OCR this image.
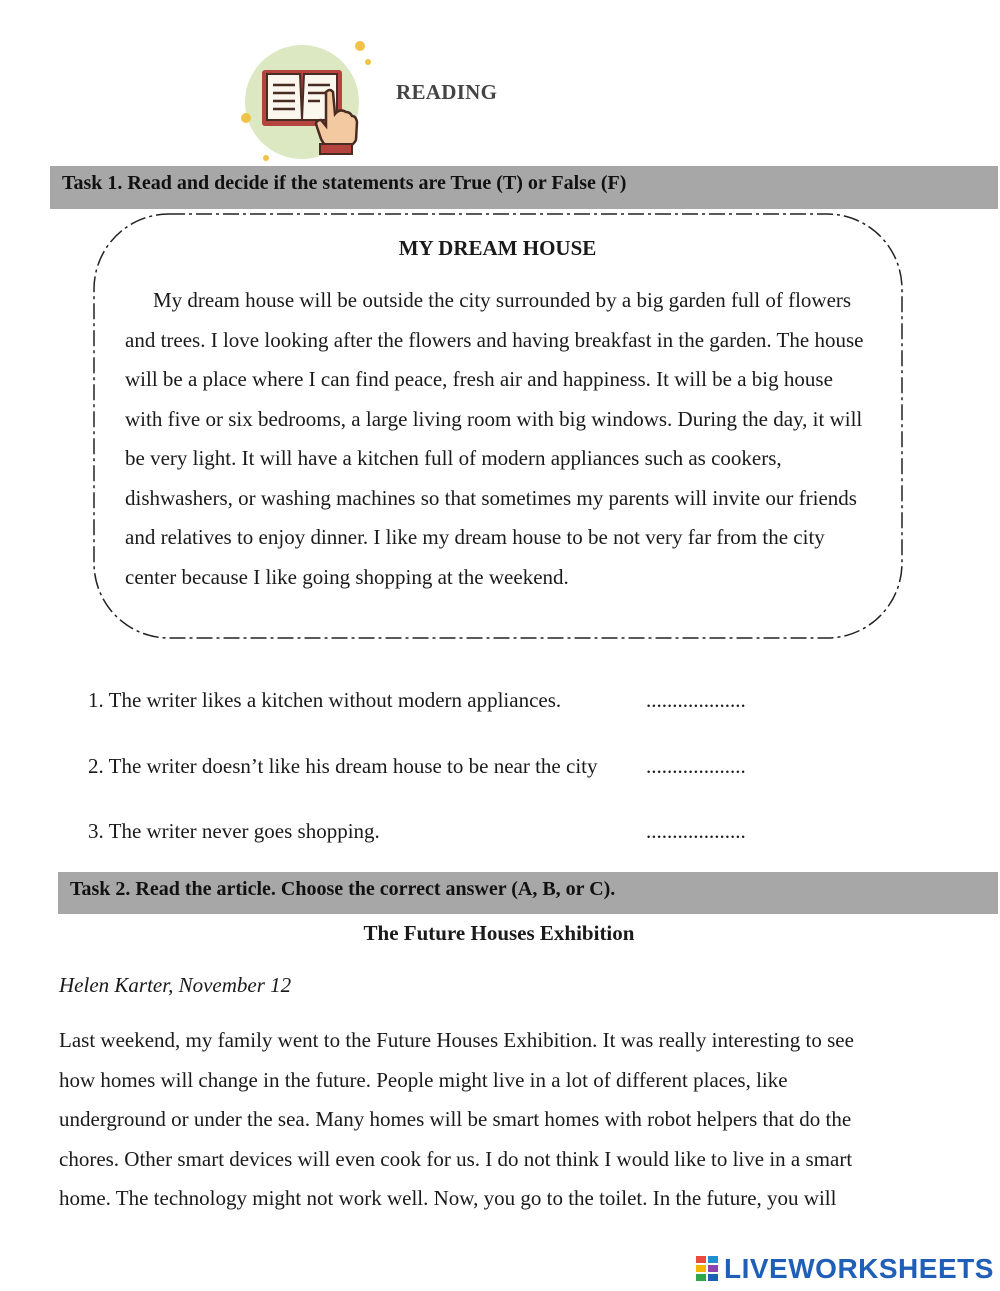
READING
Task 1. Read and decide if the statements are True (T) or False (F)
MY DREAM HOUSE
My dream house will be outside the city surrounded by a big garden full of flowers and trees. I love looking after the flowers and having breakfast in the garden. The house will be a place where I can find peace, fresh air and happiness. It will be a big house with five or six bedrooms, a large living room with big windows. During the day, it will be very light. It will have a kitchen full of modern appliances such as cookers, dishwashers, or washing machines so that sometimes my parents will invite our friends and relatives to enjoy dinner. I like my dream house to be not very far from the city center because I like going shopping at the weekend.
1. The writer likes a kitchen without modern appliances.	...................
2. The writer doesn’t like his dream house to be near the city ...................
3. The writer never goes shopping.	...................
Task 2. Read the article. Choose the correct answer (A, B, or C).
The Future Houses Exhibition
Helen Karter, November 12
Last weekend, my family went to the Future Houses Exhibition. It was really interesting to see
how homes will change in the future. People might live in a lot of different places, like
underground or under the sea. Many homes will be smart homes with robot helpers that do the
chores. Other smart devices will even cook for us. I do not think I would like to live in a smart
home. The technology might not work well. Now, you go to the toilet. In the future, you will
LIVEWORKSHEETS
